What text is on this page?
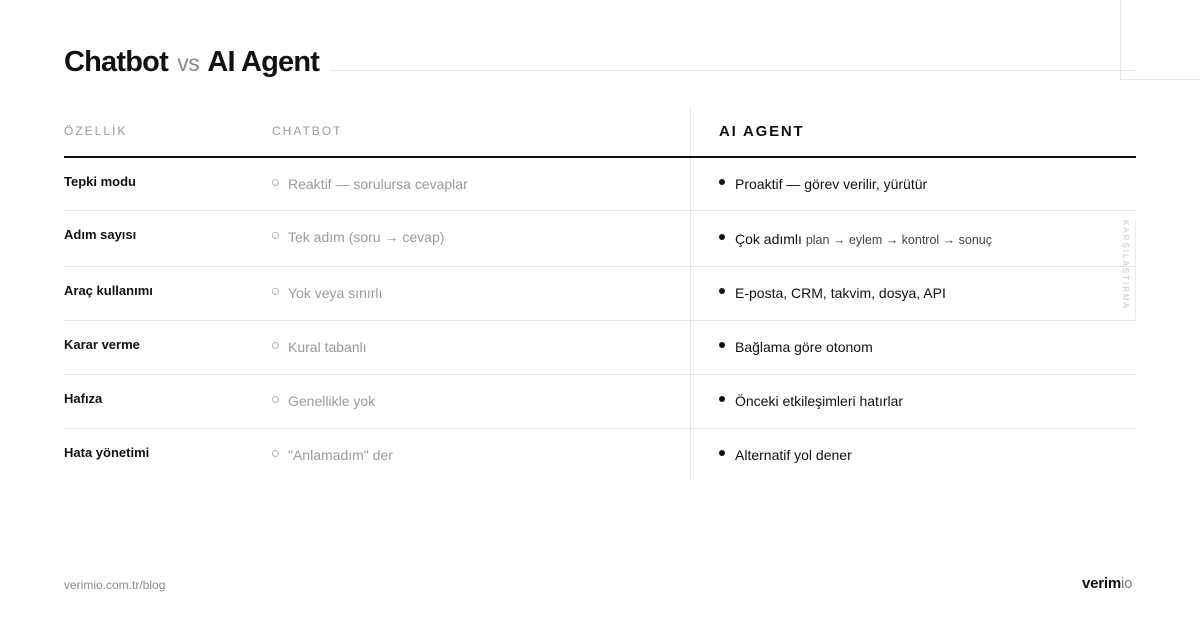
Chatbot vs AI Agent
ÖZELLİK	CHATBOT	AI AGENT
Tepki modu	Reaktif — sorulursa cevaplar	Proaktif — görev verilir, yürütür
Adım sayısı	Tek adım (soru → cevap)	Çok adımlı plan → eylem → kontrol → sonuç
Araç kullanımı	Yok veya sınırlı	E-posta, CRM, takvim, dosya, API
Karar verme	Kural tabanlı	Bağlama göre otonom
Hafıza	Genellikle yok	Önceki etkileşimleri hatırlar
Hata yönetimi	"Anlamadım" der	Alternatif yol dener
KARŞILAŞTIRMA
verimio.com.tr/blog	verimio
